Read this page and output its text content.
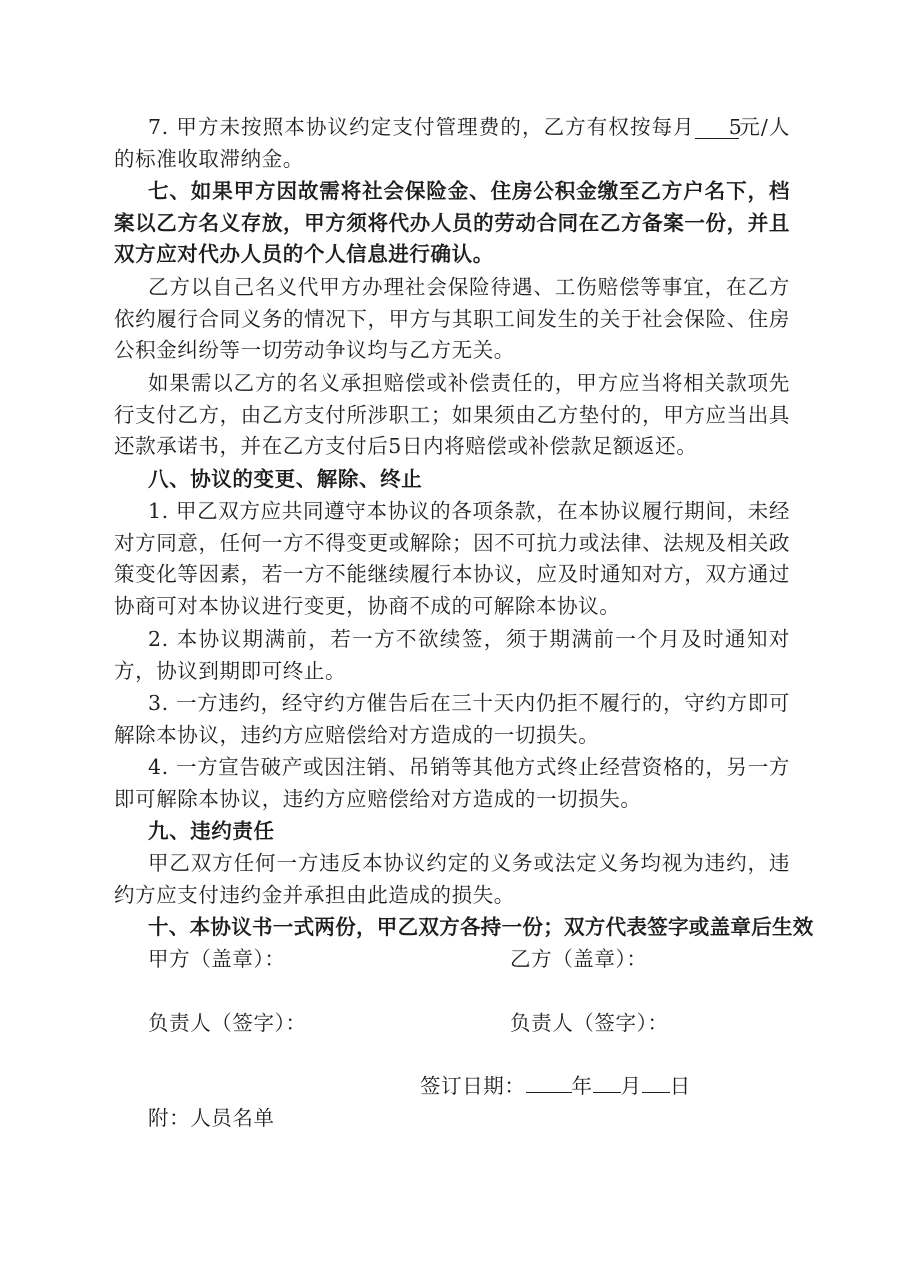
7. 甲方未按照本协议约定支付管理费的，乙方有权按每月 5元/人的标准收取滞纳金。

七、如果甲方因故需将社会保险金、住房公积金缴至乙方户名下，档案以乙方名义存放，甲方须将代办人员的劳动合同在乙方备案一份，并且双方应对代办人员的个人信息进行确认。

乙方以自己名义代甲方办理社会保险待遇、工伤赔偿等事宜，在乙方依约履行合同义务的情况下，甲方与其职工间发生的关于社会保险、住房公积金纠纷等一切劳动争议均与乙方无关。

如果需以乙方的名义承担赔偿或补偿责任的，甲方应当将相关款项先行支付乙方，由乙方支付所涉职工；如果须由乙方垫付的，甲方应当出具还款承诺书，并在乙方支付后5日内将赔偿或补偿款足额返还。

八、协议的变更、解除、终止

1. 甲乙双方应共同遵守本协议的各项条款，在本协议履行期间，未经对方同意，任何一方不得变更或解除；因不可抗力或法律、法规及相关政策变化等因素，若一方不能继续履行本协议，应及时通知对方，双方通过协商可对本协议进行变更，协商不成的可解除本协议。

2. 本协议期满前，若一方不欲续签，须于期满前一个月及时通知对方，协议到期即可终止。

3. 一方违约，经守约方催告后在三十天内仍拒不履行的，守约方即可解除本协议，违约方应赔偿给对方造成的一切损失。

4. 一方宣告破产或因注销、吊销等其他方式终止经营资格的，另一方即可解除本协议，违约方应赔偿给对方造成的一切损失。

九、违约责任

甲乙双方任何一方违反本协议约定的义务或法定义务均视为违约，违约方应支付违约金并承担由此造成的损失。

十、本协议书一式两份，甲乙双方各持一份；双方代表签字或盖章后生效

甲方（盖章）：	乙方（盖章）：
负责人（签字）：	负责人（签字）：
签订日期： 年 月 日
附：人员名单
